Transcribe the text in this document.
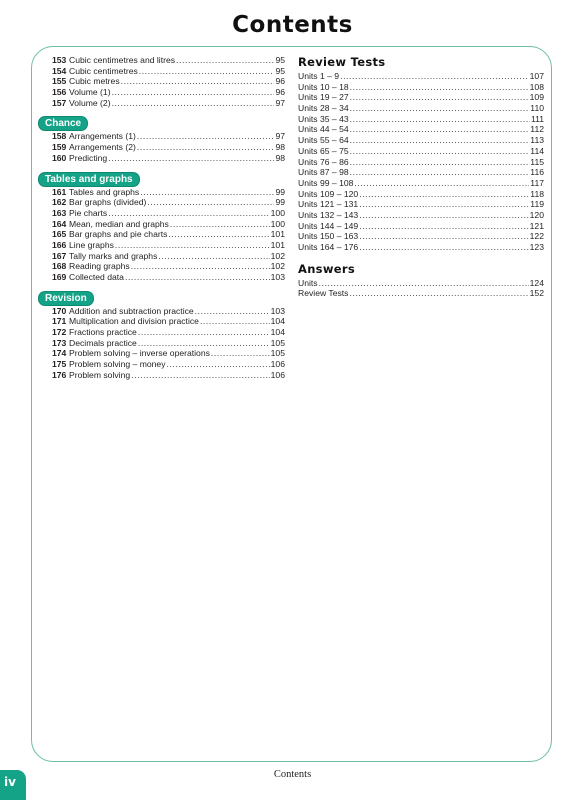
Contents
153 Cubic centimetres and litres .....	95
154 Cubic centimetres .....	95
155 Cubic metres .....	96
156 Volume (1) .....	96
157 Volume (2) .....	97
Chance
158 Arrangements (1) .....	97
159 Arrangements (2) .....	98
160 Predicting .....	98
Tables and graphs
161 Tables and graphs .....	99
162 Bar graphs (divided) .....	99
163 Pie charts .....	100
164 Mean, median and graphs .....	100
165 Bar graphs and pie charts .....	101
166 Line graphs .....	101
167 Tally marks and graphs .....	102
168 Reading graphs .....	102
169 Collected data .....	103
Revision
170 Addition and subtraction practice .....	103
171 Multiplication and division practice .....	104
172 Fractions practice .....	104
173 Decimals practice .....	105
174 Problem solving – inverse operations .....	105
175 Problem solving – money .....	106
176 Problem solving .....	106
Review Tests
Units 1 – 9 .....	107
Units 10 – 18 .....	108
Units 19 – 27 .....	109
Units 28 – 34 .....	110
Units 35 – 43 .....	111
Units 44 – 54 .....	112
Units 55 – 64 .....	113
Units 65 – 75 .....	114
Units 76 – 86 .....	115
Units 87 – 98 .....	116
Units 99 – 108 .....	117
Units 109 – 120 .....	118
Units 121 – 131 .....	119
Units 132 – 143 .....	120
Units 144 – 149 .....	121
Units 150 – 163 .....	122
Units 164 – 176 .....	123
Answers
Units .....	124
Review Tests .....	152
iv
Contents
